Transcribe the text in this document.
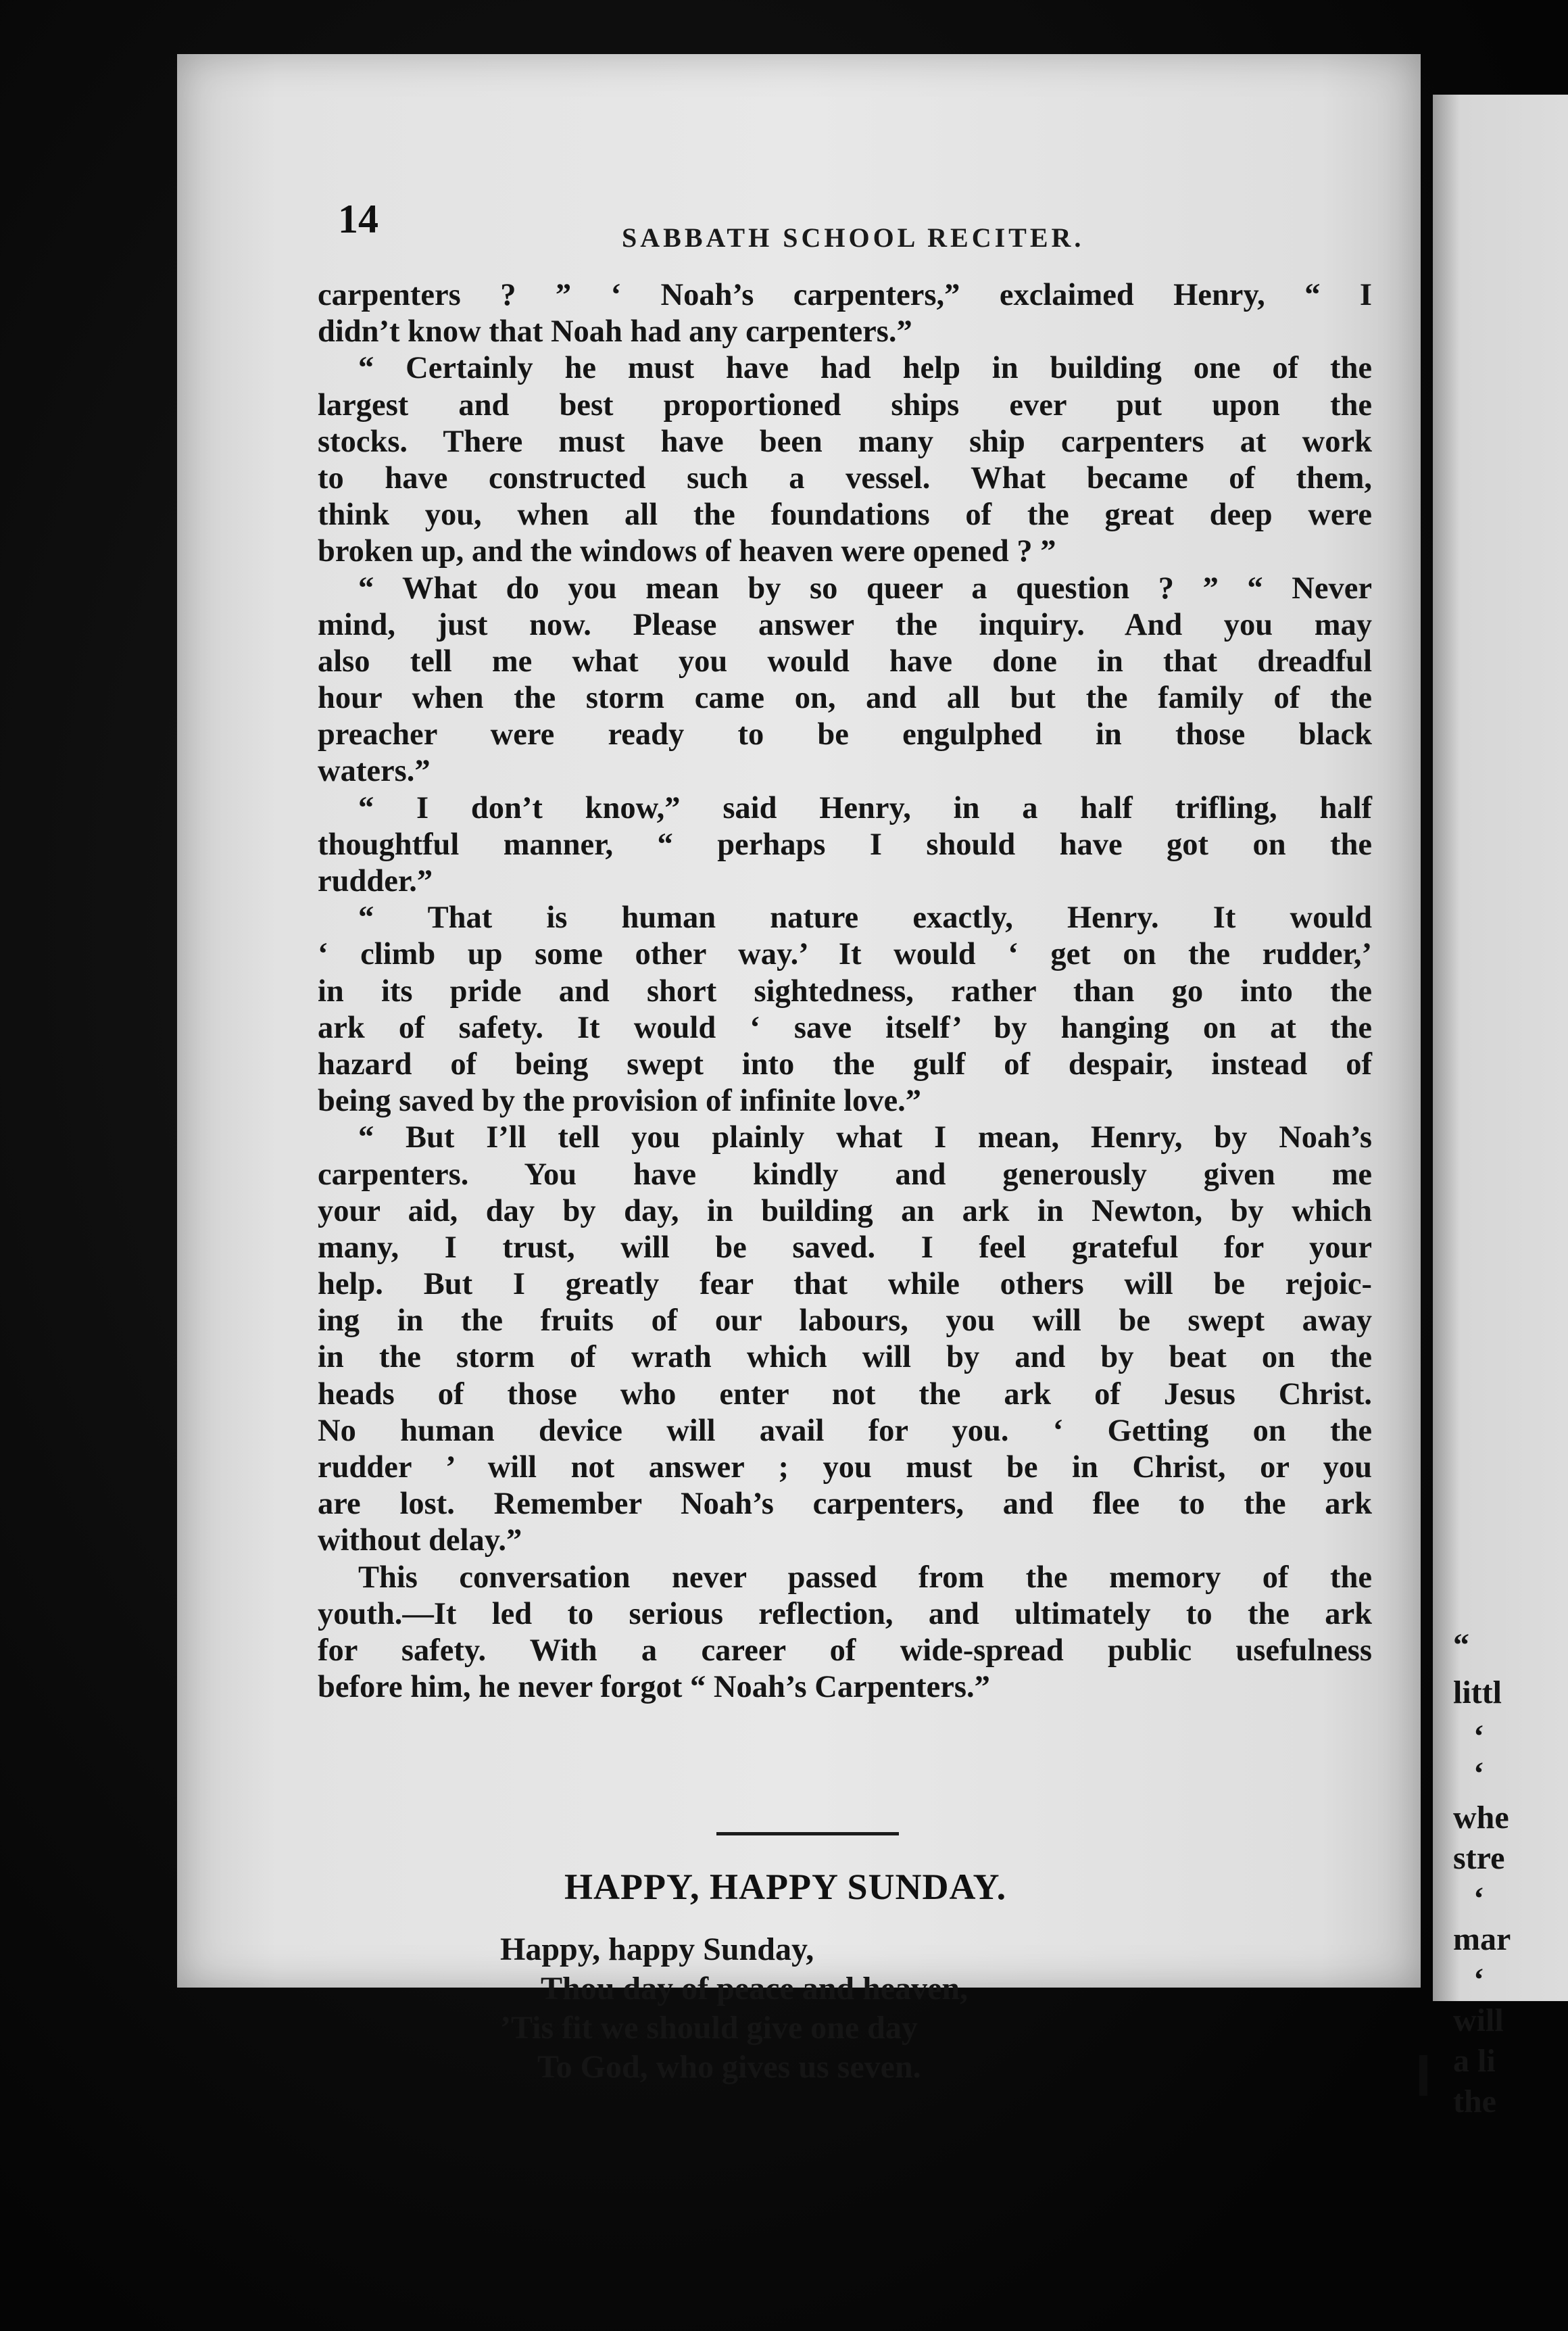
14	SABBATH SCHOOL RECITER.
carpenters ? ” ‘ Noah’s carpenters,” exclaimed Henry, “ I
didn’t know that Noah had any carpenters.”
“ Certainly he must have had help in building one of the
largest and best proportioned ships ever put upon the
stocks. There must have been many ship carpenters at work
to have constructed such a vessel. What became of them,
think you, when all the foundations of the great deep were
broken up, and the windows of heaven were opened ? ”
“ What do you mean by so queer a question ? ” “ Never
mind, just now. Please answer the inquiry. And you may
also tell me what you would have done in that dreadful
hour when the storm came on, and all but the family of the
preacher were ready to be engulphed in those black
waters.”
“ I don’t know,” said Henry, in a half trifling, half
thoughtful manner, “ perhaps I should have got on the
rudder.”
“ That is human nature exactly, Henry. It would
‘ climb up some other way.’ It would ‘ get on the rudder,’
in its pride and short sightedness, rather than go into the
ark of safety. It would ‘ save itself’ by hanging on at the
hazard of being swept into the gulf of despair, instead of
being saved by the provision of infinite love.”
“ But I’ll tell you plainly what I mean, Henry, by Noah’s
carpenters. You have kindly and generously given me
your aid, day by day, in building an ark in Newton, by which
many, I trust, will be saved. I feel grateful for your
help. But I greatly fear that while others will be rejoic-
ing in the fruits of our labours, you will be swept away
in the storm of wrath which will by and by beat on the
heads of those who enter not the ark of Jesus Christ.
No human device will avail for you. ‘ Getting on the
rudder ’ will not answer ; you must be in Christ, or you
are lost. Remember Noah’s carpenters, and flee to the ark
without delay.”
This conversation never passed from the memory of the
youth.—It led to serious reflection, and ultimately to the ark
for safety. With a career of wide-spread public usefulness
before him, he never forgot “ Noah’s Carpenters.”
HAPPY, HAPPY SUNDAY.
Happy, happy Sunday,
Thou day of peace and heaven,
’Tis fit we should give one day
To God, who gives us seven.
“
littl
‘
‘
whe
stre
‘
mar
‘
will
a li
the
